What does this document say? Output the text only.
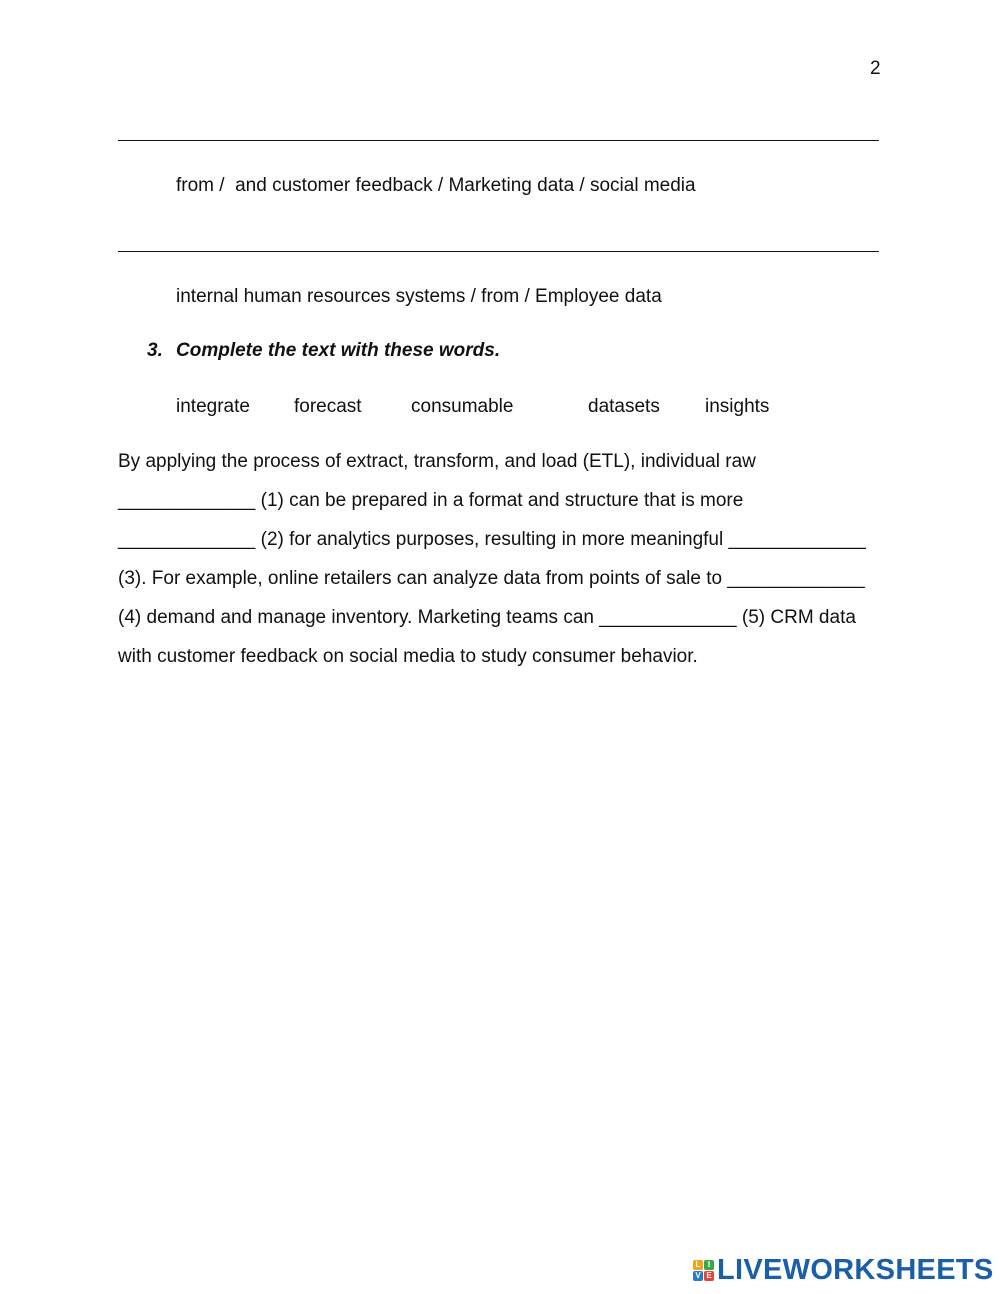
2
from /  and customer feedback / Marketing data / social media
internal human resources systems / from / Employee data
3. Complete the text with these words.
integrate forecast	consumable	datasets insights
By applying the process of extract, transform, and load (ETL), individual raw
_____________ (1) can be prepared in a format and structure that is more
_____________ (2) for analytics purposes, resulting in more meaningful _____________
(3). For example, online retailers can analyze data from points of sale to _____________
(4) demand and manage inventory. Marketing teams can _____________ (5) CRM data
with customer feedback on social media to study consumer behavior.
L I
V E LIVEWORKSHEETS
